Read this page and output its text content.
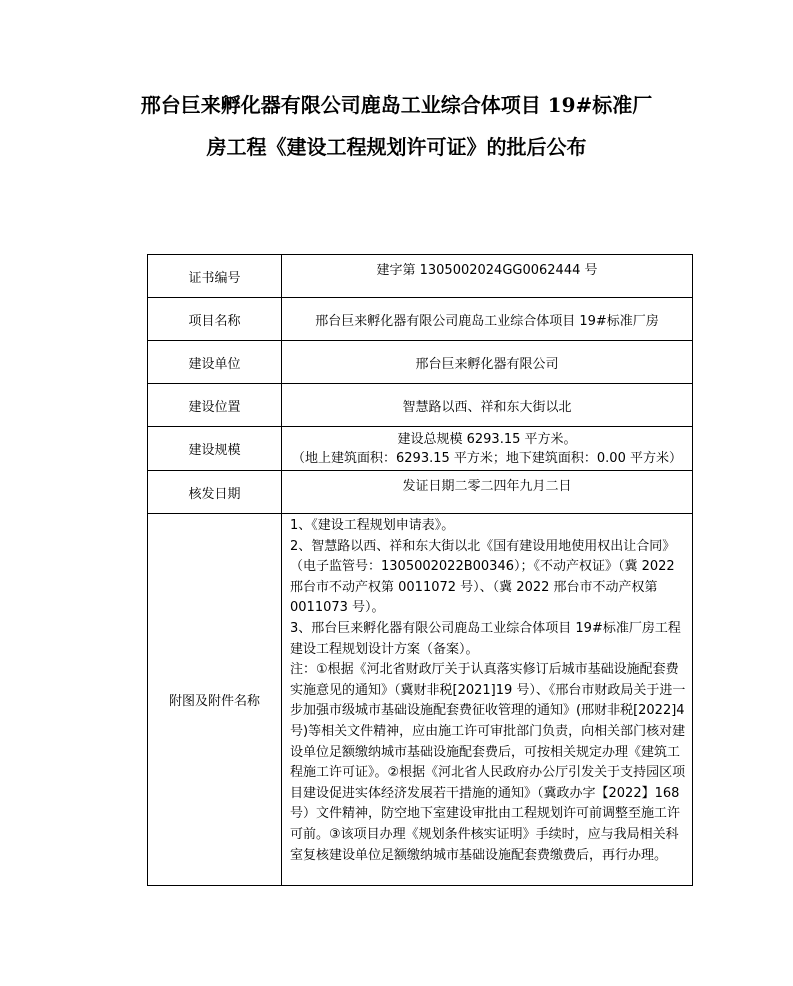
邢台巨来孵化器有限公司鹿岛工业综合体项目 19#标准厂
房工程《建设工程规划许可证》的批后公布
证书编号	建字第 1305002024GG0062444 号
项目名称	邢台巨来孵化器有限公司鹿岛工业综合体项目 19#标准厂房
建设单位	邢台巨来孵化器有限公司
建设位置	智慧路以西、祥和东大街以北
建设规模	建设总规模 6293.15 平方米。
（地上建筑面积：6293.15 平方米；地下建筑面积：0.00 平方米）

核发日期	发证日期二零二四年九月二日
附图及附件名称	1、《建设工程规划申请表》。

2、智慧路以西、祥和东大街以北《国有建设用地使用权出让合同》（电子监管号：1305002022B00346）；《不动产权证》（冀 2022 邢台市不动产权第 0011072 号）、（冀 2022 邢台市不动产权第 0011073 号）。

3、邢台巨来孵化器有限公司鹿岛工业综合体项目 19#标准厂房工程建设工程规划设计方案（备案）。

注：①根据《河北省财政厅关于认真落实修订后城市基础设施配套费实施意见的通知》（冀财非税[2021]19 号）、《邢台市财政局关于进一步加强市级城市基础设施配套费征收管理的通知》(邢财非税[2022]4 号)等相关文件精神，应由施工许可审批部门负责，向相关部门核对建设单位足额缴纳城市基础设施配套费后，可按相关规定办理《建筑工程施工许可证》。②根据《河北省人民政府办公厅引发关于支持园区项目建设促进实体经济发展若干措施的通知》（冀政办字【2022】168 号）文件精神，防空地下室建设审批由工程规划许可前调整至施工许可前。③该项目办理《规划条件核实证明》手续时，应与我局相关科室复核建设单位足额缴纳城市基础设施配套费缴费后，再行办理。
